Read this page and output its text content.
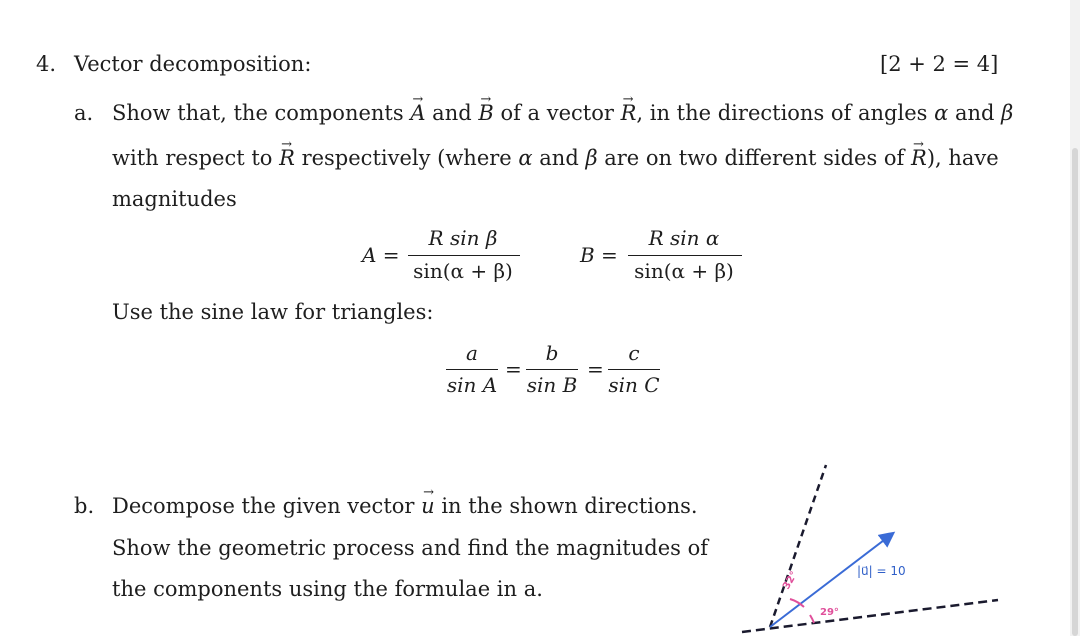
4. Vector decomposition:	[2 + 2 = 4]
a. Show that, the components → A and → B of a vector → R, in the directions of angles α and β
with respect to → R respectively (where α and β are on two different sides of → R), have
magnitudes
A =
R sin β
sin(α + β)
B =
R sin α
sin(α + β)
Use the sine law for triangles:
a
sin A
=
b
sin B
=
c
sin C
b. Decompose the given vector → u in the shown directions.
Show the geometric process and find the magnitudes of
the components using the formulae in a.	32°
29°
|u⃗| = 10
